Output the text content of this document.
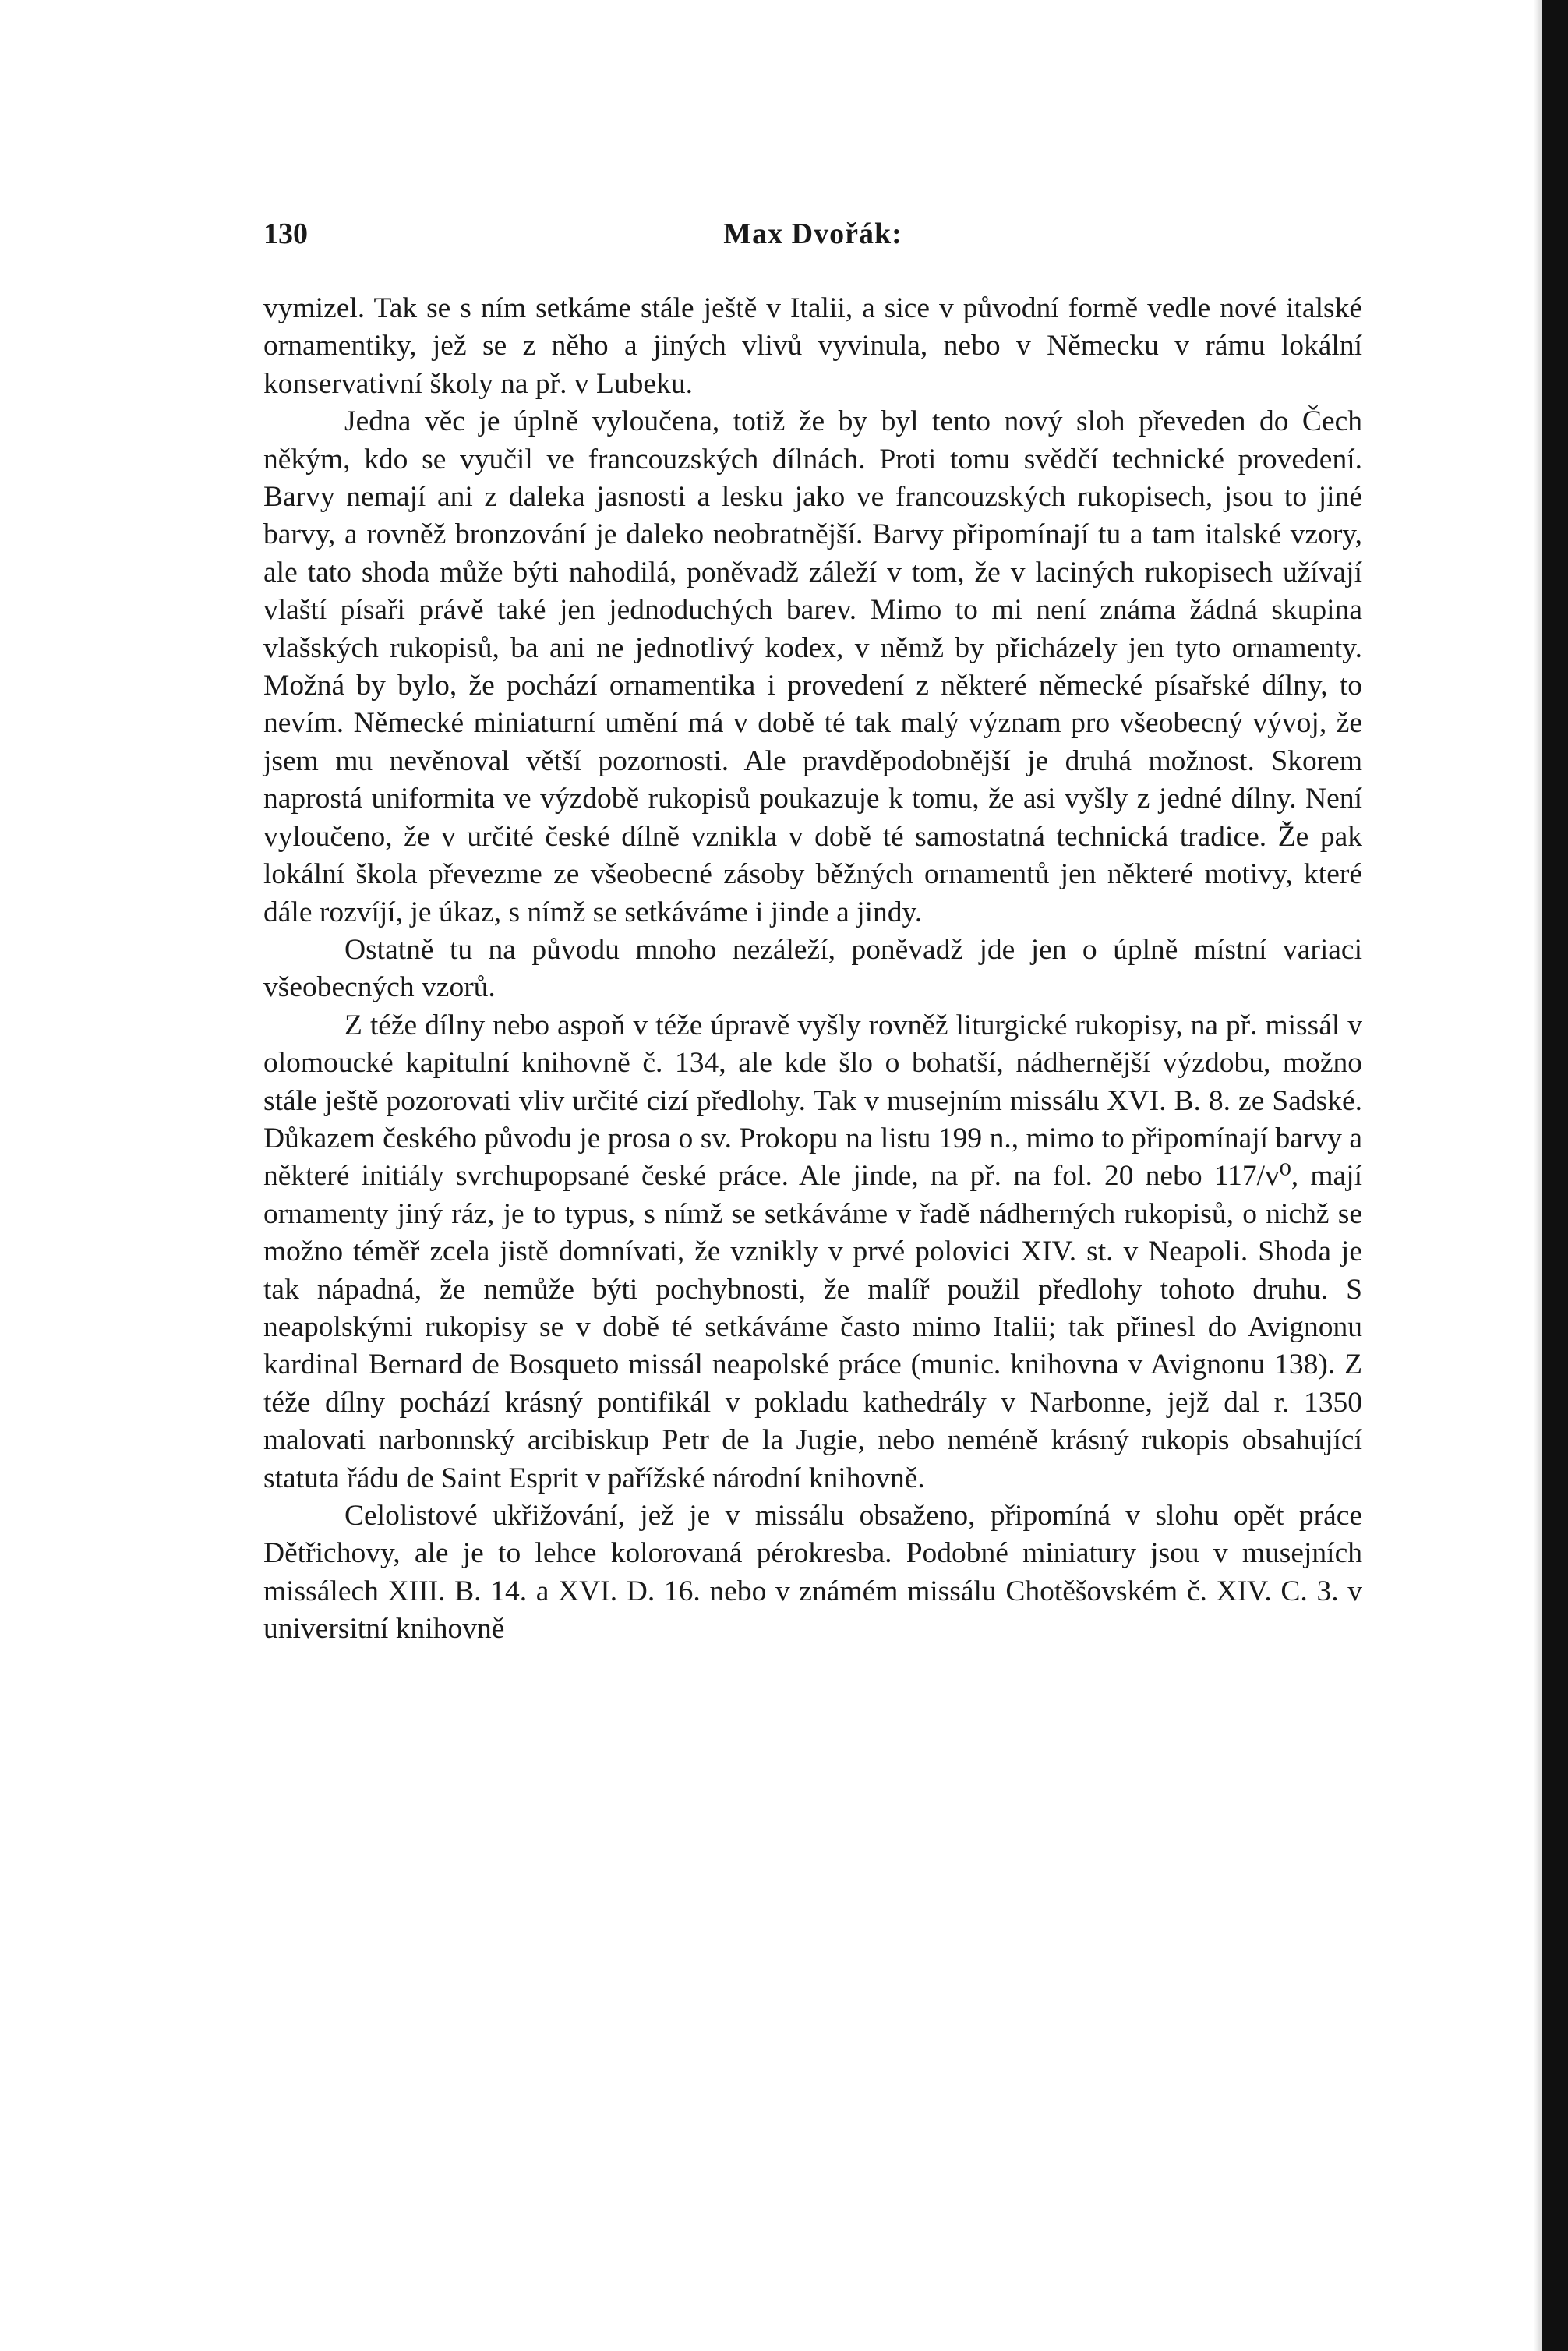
130	Max Dvořák:

vymizel. Tak se s ním setkáme stále ještě v Italii, a sice v původní formě vedle nové italské ornamentiky, jež se z něho a jiných vlivů vyvinula, nebo v Německu v rámu lokální konservativní školy na př. v Lubeku.

Jedna věc je úplně vyloučena, totiž že by byl tento nový sloh převeden do Čech někým, kdo se vyučil ve francouzských dílnách. Proti tomu svědčí technické provedení. Barvy nemají ani z daleka jasnosti a lesku jako ve francouzských rukopisech, jsou to jiné barvy, a rovněž bronzování je daleko neobratnější. Barvy připomínají tu a tam italské vzory, ale tato shoda může býti nahodilá, poněvadž záleží v tom, že v laciných rukopisech užívají vlaští písaři právě také jen jednoduchých barev. Mimo to mi není známa žádná skupina vlašských rukopisů, ba ani ne jednotlivý kodex, v němž by přicházely jen tyto ornamenty. Možná by bylo, že pochází ornamentika i provedení z některé německé písařské dílny, to nevím. Německé miniaturní umění má v době té tak malý význam pro všeobecný vývoj, že jsem mu nevěnoval větší pozornosti. Ale pravděpodobnější je druhá možnost. Skorem naprostá uniformita ve výzdobě rukopisů poukazuje k tomu, že asi vyšly z jedné dílny. Není vyloučeno, že v určité české dílně vznikla v době té samostatná technická tradice. Že pak lokální škola převezme ze všeobecné zásoby běžných ornamentů jen některé motivy, které dále rozvíjí, je úkaz, s nímž se setkáváme i jinde a jindy.

Ostatně tu na původu mnoho nezáleží, poněvadž jde jen o úplně místní variaci všeobecných vzorů.

Z téže dílny nebo aspoň v téže úpravě vyšly rovněž liturgické rukopisy, na př. missál v olomoucké kapitulní knihovně č. 134, ale kde šlo o bohatší, nádhernější výzdobu, možno stále ještě pozorovati vliv určité cizí předlohy. Tak v musejním missálu XVI. B. 8. ze Sadské. Důkazem českého původu je prosa o sv. Prokopu na listu 199 n., mimo to připomínají barvy a některé initiály svrchupopsané české práce. Ale jinde, na př. na fol. 20 nebo 117/v⁰, mají ornamenty jiný ráz, je to typus, s nímž se setkáváme v řadě nádherných rukopisů, o nichž se možno téměř zcela jistě domnívati, že vznikly v prvé polovici XIV. st. v Neapoli. Shoda je tak nápadná, že nemůže býti pochybnosti, že malíř použil předlohy tohoto druhu. S neapolskými rukopisy se v době té setkáváme často mimo Italii; tak přinesl do Avignonu kardinal Bernard de Bosqueto missál neapolské práce (munic. knihovna v Avignonu 138). Z téže dílny pochází krásný pontifikál v pokladu kathedrály v Narbonne, jejž dal r. 1350 malovati narbonnský arcibiskup Petr de la Jugie, nebo neméně krásný rukopis obsahující statuta řádu de Saint Esprit v pařížské národní knihovně.

Celolistové ukřižování, jež je v missálu obsaženo, připomíná v slohu opět práce Dětřichovy, ale je to lehce kolorovaná pérokresba. Podobné miniatury jsou v musejních missálech XIII. B. 14. a XVI. D. 16. nebo v známém missálu Chotěšovském č. XIV. C. 3. v universitní knihovně
